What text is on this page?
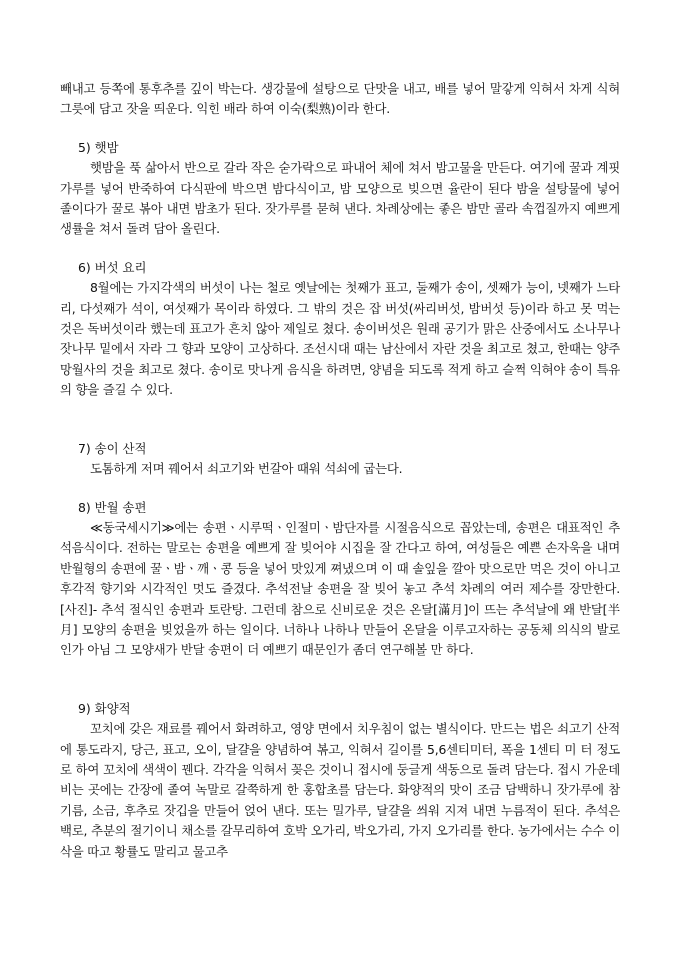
빼내고 등쪽에 통후추를 깊이 박는다. 생강물에 설탕으로 단맛을 내고, 배를 넣어 말갛게 익혀서 차게 식혀 그릇에 담고 잣을 띄운다. 익힌 배라 하여 이숙(梨熟)이라 한다.

5) 햇밤

햇밤을 푹 삶아서 반으로 갈라 작은 숟가락으로 파내어 체에 쳐서 밤고물을 만든다. 여기에 꿀과 계핏가루를 넣어 반죽하여 다식판에 박으면 밤다식이고, 밤 모양으로 빚으면 율란이 된다 밤을 설탕물에 넣어 졸이다가 꿀로 볶아 내면 밤초가 된다. 잣가루를 묻혀 낸다. 차례상에는 좋은 밤만 골라 속껍질까지 예쁘게 생률을 쳐서 돌려 담아 올린다.

6) 버섯 요리

8월에는 가지각색의 버섯이 나는 철로 옛날에는 첫째가 표고, 둘째가 송이, 셋째가 능이, 넷째가 느타리, 다섯째가 석이, 여섯째가 목이라 하였다. 그 밖의 것은 잡 버섯(싸리버섯, 밤버섯 등)이라 하고 못 먹는 것은 독버섯이라 했는데 표고가 흔치 않아 제일로 쳤다. 송이버섯은 원래 공기가 맑은 산중에서도 소나무나 잣나무 밑에서 자라 그 향과 모양이 고상하다. 조선시대 때는 남산에서 자란 것을 최고로 쳤고, 한때는 양주 망월사의 것을 최고로 쳤다. 송이로 맛나게 음식을 하려면, 양념을 되도록 적게 하고 슬쩍 익혀야 송이 특유의 향을 즐길 수 있다.

7) 송이 산적

도톰하게 저며 꿰어서 쇠고기와 번갈아 때워 석쇠에 굽는다.

8) 반월 송편

≪동국세시기≫에는 송편ㆍ시루떡ㆍ인절미ㆍ밤단자를 시절음식으로 꼽았는데, 송편은 대표적인 추석음식이다. 전하는 말로는 송편을 예쁘게 잘 빚어야 시집을 잘 간다고 하여, 여성들은 예쁜 손자욱을 내며 반월형의 송편에 꿀ㆍ밤ㆍ깨ㆍ콩 등을 넣어 맛있게 쪄냈으며 이 때 솔잎을 깔아 맛으로만 먹은 것이 아니고 후각적 향기와 시각적인 멋도 즐겼다. 추석전날 송편을 잘 빚어 놓고 추석 차례의 여러 제수를 장만한다. [사진]- 추석 절식인 송편과 토란탕. 그런데 참으로 신비로운 것은 온달[滿月]이 뜨는 추석날에 왜 반달[半月] 모양의 송편을 빚었을까 하는 일이다. 너하나 나하나 만들어 온달을 이루고자하는 공동체 의식의 발로인가 아님 그 모양새가 반달 송편이 더 예쁘기 때문인가 좀더 연구해볼 만 하다.

9) 화양적

꼬치에 갖은 재료를 꿰어서 화려하고, 영양 면에서 치우침이 없는 별식이다. 만드는 법은 쇠고기 산적에 통도라지, 당근, 표고, 오이, 달걀을 양념하여 볶고, 익혀서 길이를 5,6센티미터, 폭을 1센티 미 터 정도로 하여 꼬치에 색색이 꿴다. 각각을 익혀서 꽂은 것이니 접시에 둥글게 색동으로 돌려 담는다. 접시 가운데 비는 곳에는 간장에 졸여 녹말로 갈쭉하게 한 홍합초를 담는다. 화양적의 맛이 조금 담백하니 잣가루에 참기름, 소금, 후추로 잣깁을 만들어 얹어 낸다. 또는 밀가루, 달걀을 씌워 지져 내면 누름적이 된다. 추석은 백로, 추분의 절기이니 채소를 갈무리하여 호박 오가리, 박오가리, 가지 오가리를 한다. 농가에서는 수수 이삭을 따고 황률도 말리고 물고추
